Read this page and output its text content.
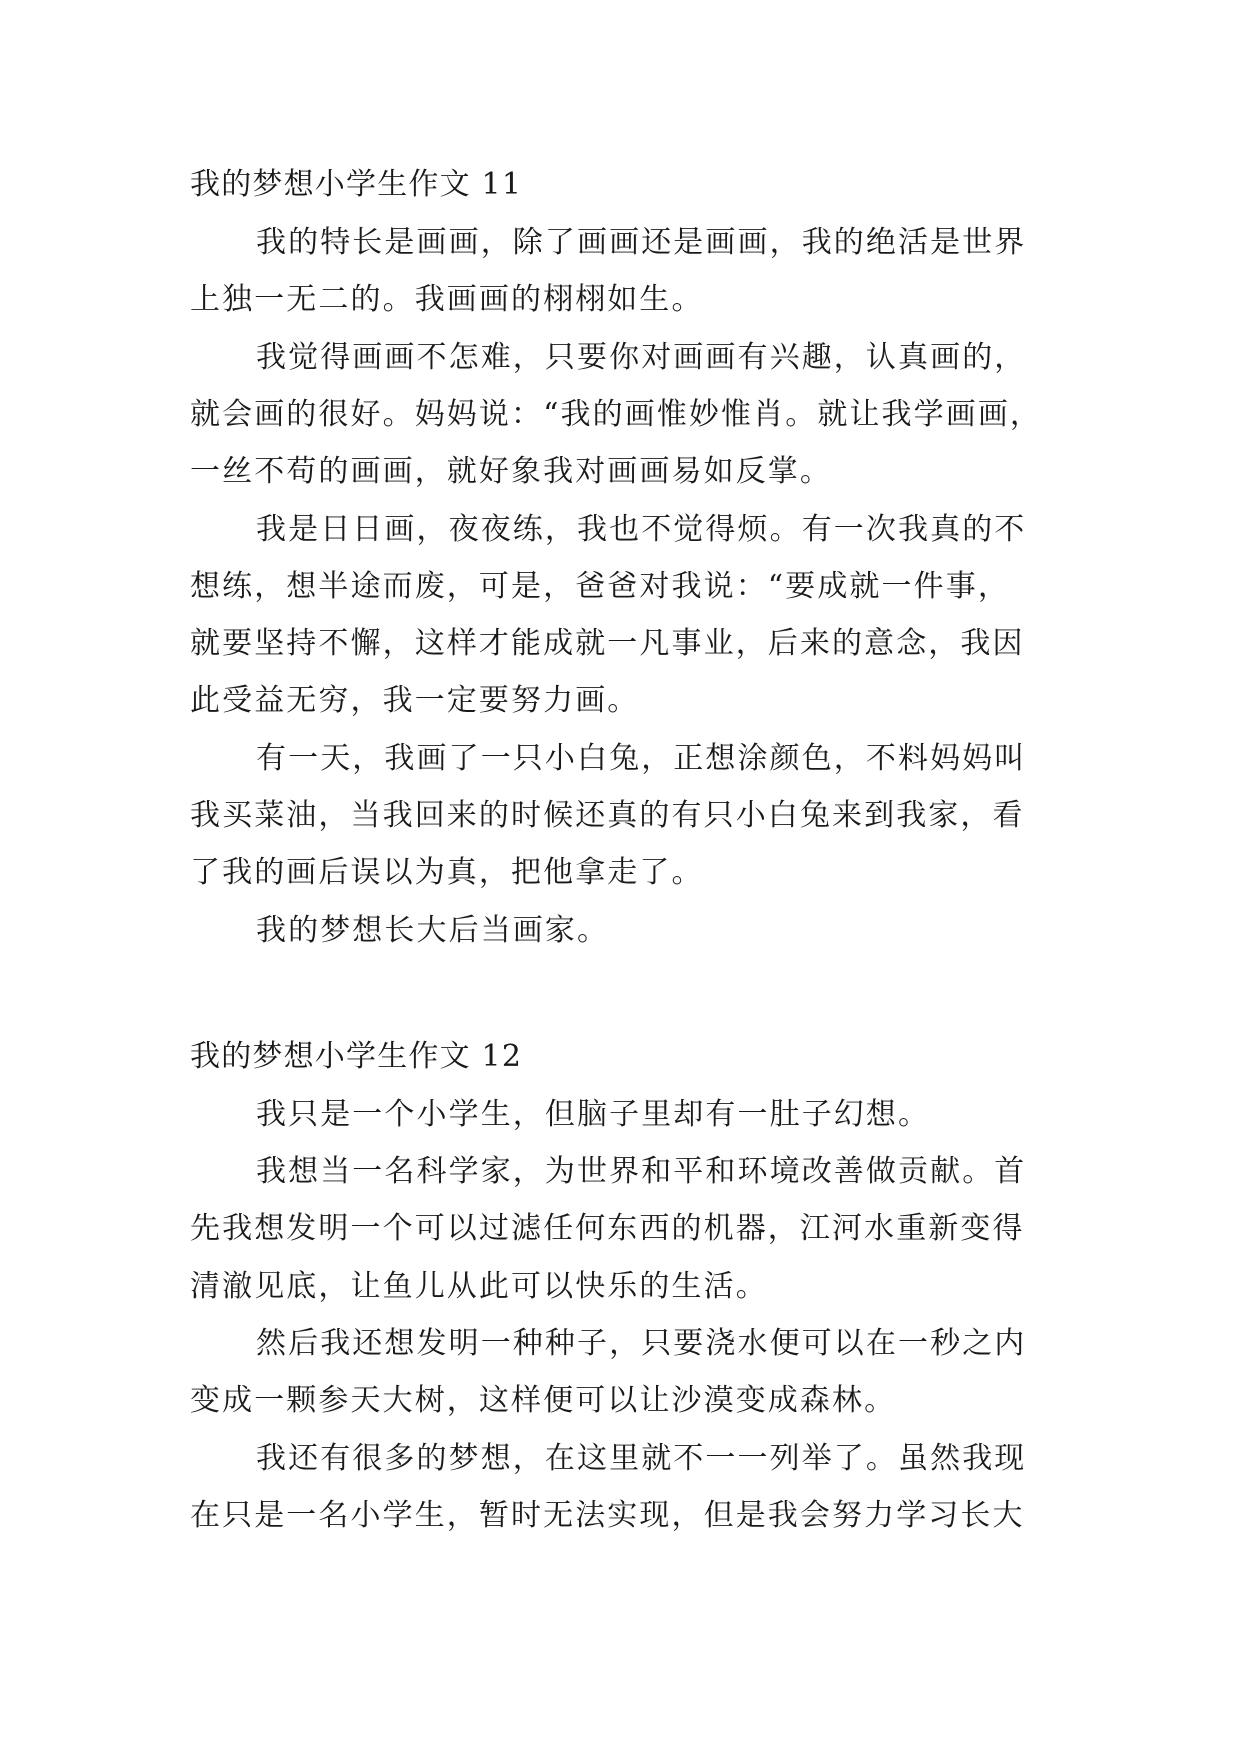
我的梦想小学生作文 11
我的特长是画画，除了画画还是画画，我的绝活是世界
上独一无二的。我画画的栩栩如生。
我觉得画画不怎难，只要你对画画有兴趣，认真画的，
就会画的很好。妈妈说：“我的画惟妙惟肖。就让我学画画，
一丝不苟的画画，就好象我对画画易如反掌。
我是日日画，夜夜练，我也不觉得烦。有一次我真的不
想练，想半途而废，可是，爸爸对我说：“要成就一件事，
就要坚持不懈，这样才能成就一凡事业，后来的意念，我因
此受益无穷，我一定要努力画。
有一天，我画了一只小白兔，正想涂颜色，不料妈妈叫
我买菜油，当我回来的时候还真的有只小白兔来到我家，看
了我的画后误以为真，把他拿走了。
我的梦想长大后当画家。
我的梦想小学生作文 12
我只是一个小学生，但脑子里却有一肚子幻想。
我想当一名科学家，为世界和平和环境改善做贡献。首
先我想发明一个可以过滤任何东西的机器，江河水重新变得
清澈见底，让鱼儿从此可以快乐的生活。
然后我还想发明一种种子，只要浇水便可以在一秒之内
变成一颗参天大树，这样便可以让沙漠变成森林。
我还有很多的梦想，在这里就不一一列举了。虽然我现
在只是一名小学生，暂时无法实现，但是我会努力学习长大
